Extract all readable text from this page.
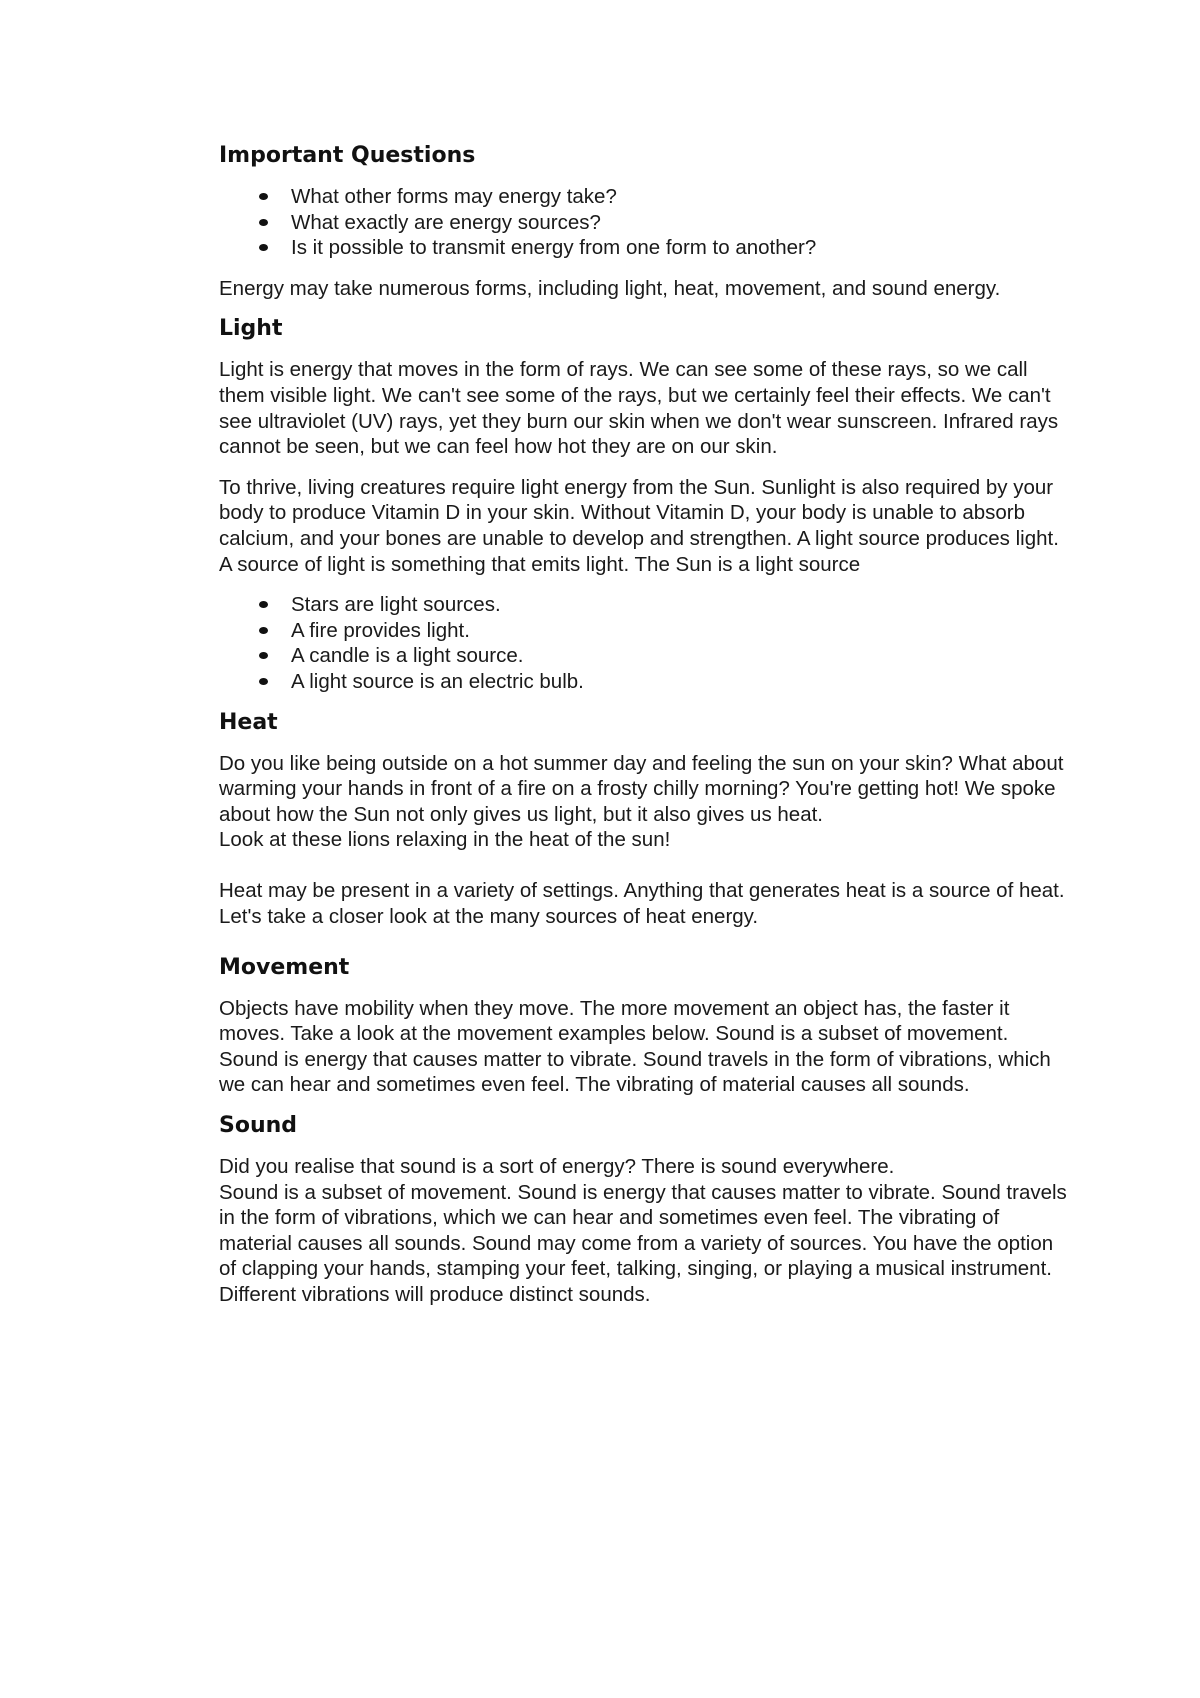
Important Questions
What other forms may energy take?
What exactly are energy sources?
Is it possible to transmit energy from one form to another?

Energy may take numerous forms, including light, heat, movement, and sound energy.

Light

Light is energy that moves in the form of rays. We can see some of these rays, so we call them visible light. We can't see some of the rays, but we certainly feel their effects. We can't see ultraviolet (UV) rays, yet they burn our skin when we don't wear sunscreen. Infrared rays cannot be seen, but we can feel how hot they are on our skin.

To thrive, living creatures require light energy from the Sun. Sunlight is also required by your body to produce Vitamin D in your skin. Without Vitamin D, your body is unable to absorb calcium, and your bones are unable to develop and strengthen. A light source produces light. A source of light is something that emits light. The Sun is a light source

Stars are light sources.
A fire provides light.
A candle is a light source.
A light source is an electric bulb.
Heat

Do you like being outside on a hot summer day and feeling the sun on your skin? What about warming your hands in front of a fire on a frosty chilly morning? You're getting hot! We spoke about how the Sun not only gives us light, but it also gives us heat.
Look at these lions relaxing in the heat of the sun!
Heat may be present in a variety of settings. Anything that generates heat is a source of heat. Let's take a closer look at the many sources of heat energy.

Movement

Objects have mobility when they move. The more movement an object has, the faster it moves. Take a look at the movement examples below. Sound is a subset of movement. Sound is energy that causes matter to vibrate. Sound travels in the form of vibrations, which we can hear and sometimes even feel. The vibrating of material causes all sounds.

Sound

Did you realise that sound is a sort of energy? There is sound everywhere.
Sound is a subset of movement. Sound is energy that causes matter to vibrate. Sound travels in the form of vibrations, which we can hear and sometimes even feel. The vibrating of material causes all sounds. Sound may come from a variety of sources. You have the option of clapping your hands, stamping your feet, talking, singing, or playing a musical instrument. Different vibrations will produce distinct sounds.
